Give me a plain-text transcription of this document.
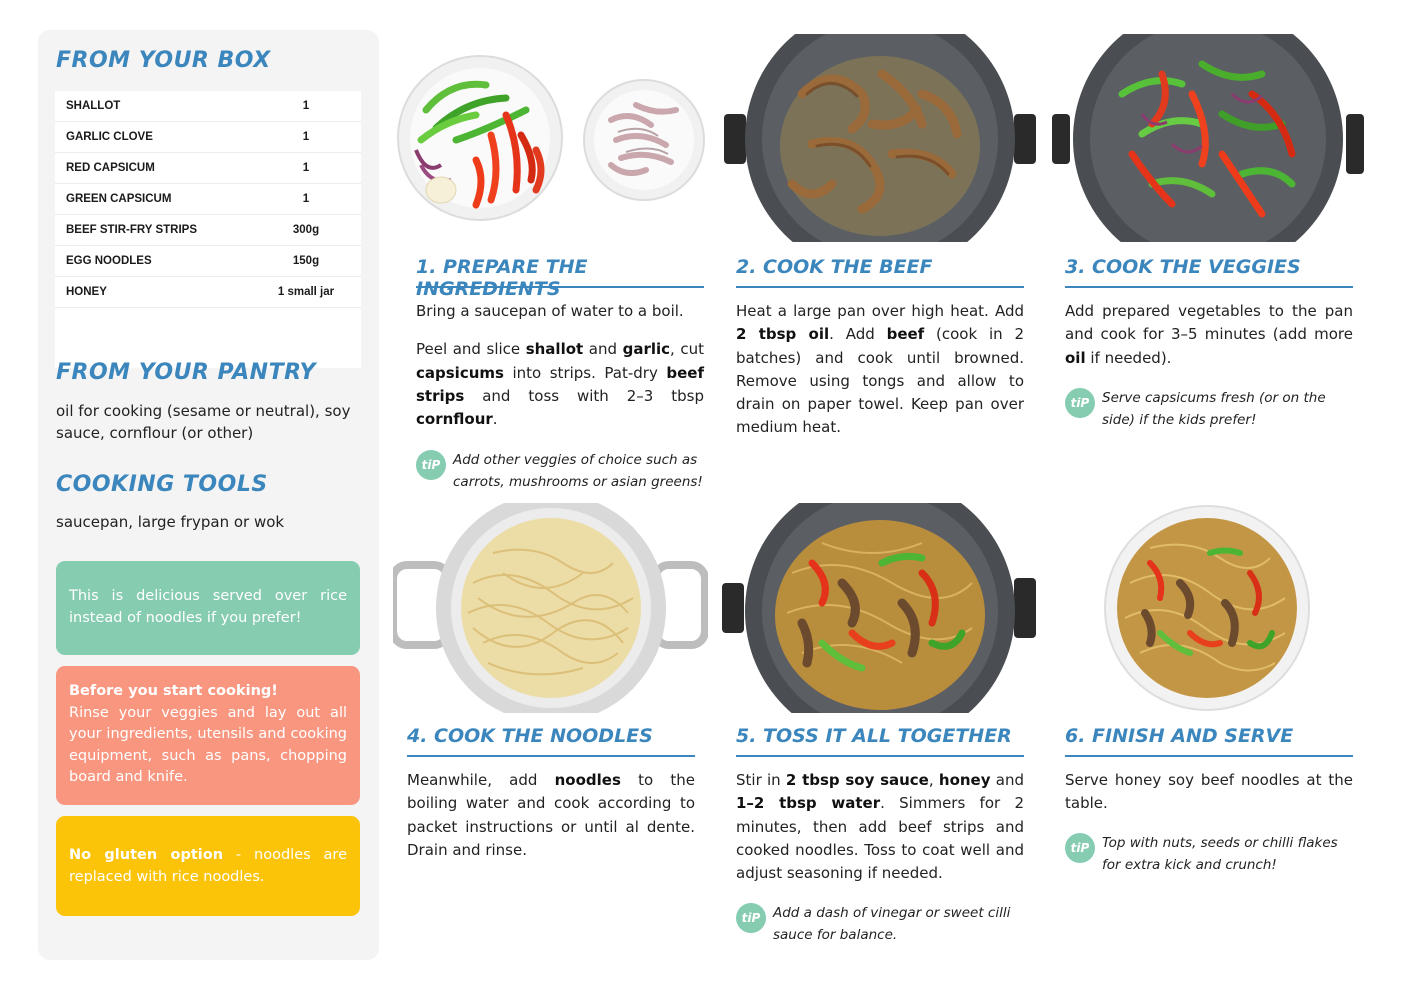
FROM YOUR BOX
SHALLOT	1
GARLIC CLOVE	1
RED CAPSICUM	1
GREEN CAPSICUM	1
BEEF STIR-FRY STRIPS	300g
EGG NOODLES	150g
HONEY	1 small jar
FROM YOUR PANTRY
oil for cooking (sesame or neutral), soy sauce, cornflour (or other)
COOKING TOOLS
saucepan, large frypan or wok
This is delicious served over rice instead of noodles if you prefer!
Before you start cooking!
Rinse your veggies and lay out all your ingredients, utensils and cooking equipment, such as pans, chopping board and knife.
No gluten option - noodles are replaced with rice noodles.
1. PREPARE THE INGREDIENTS

Bring a saucepan of water to a boil.

Peel and slice shallot and garlic, cut capsicums into strips. Pat-dry beef strips and toss with 2–3 tbsp cornflour.

tiP Add other veggies of choice such as carrots, mushrooms or asian greens!
2. COOK THE BEEF

Heat a large pan over high heat. Add 2 tbsp oil. Add beef (cook in 2 batches) and cook until browned. Remove using tongs and allow to drain on paper towel. Keep pan over medium heat.

3. COOK THE VEGGIES

Add prepared vegetables to the pan and cook for 3–5 minutes (add more oil if needed).

tiP Serve capsicums fresh (or on the side) if the kids prefer!
4. COOK THE NOODLES

Meanwhile, add noodles to the boiling water and cook according to packet instructions or until al dente. Drain and rinse.

5. TOSS IT ALL TOGETHER

Stir in 2 tbsp soy sauce, honey and 1–2 tbsp water. Simmers for 2 minutes, then add beef strips and cooked noodles. Toss to coat well and adjust seasoning if needed.

tiP Add a dash of vinegar or sweet cilli sauce for balance.
6. FINISH AND SERVE

Serve honey soy beef noodles at the table.

tiP Top with nuts, seeds or chilli flakes for extra kick and crunch!
